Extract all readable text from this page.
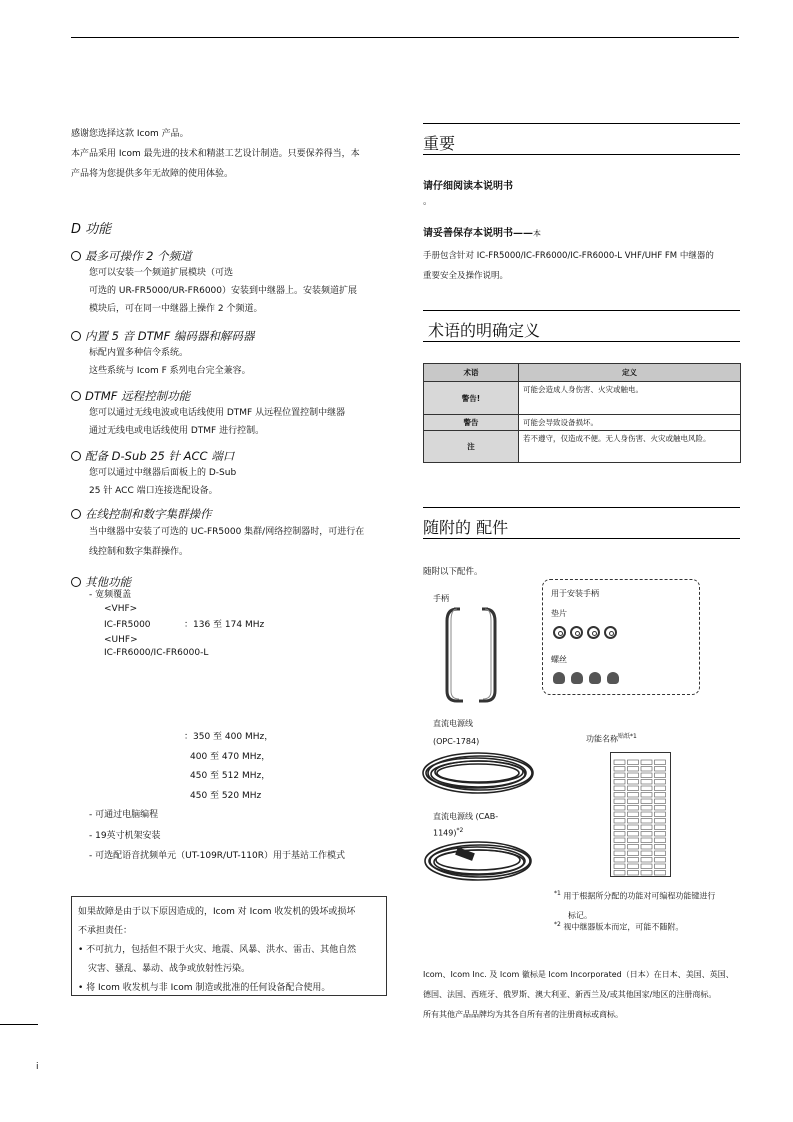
感谢您选择这款 Icom 产品。
本产品采用 Icom 最先进的技术和精湛工艺设计制造。只要保养得当，本
产品将为您提供多年无故障的使用体验。
D 功能
最多可操作 2 个频道
您可以安装一个频道扩展模块（可选
可选的 UR-FR5000/UR-FR6000）安装到中继器上。安装频道扩展
模块后，可在同一中继器上操作 2 个频道。
内置 5 音 DTMF 编码器和解码器
标配内置多种信令系统。
这些系统与 Icom F 系列电台完全兼容。
DTMF 远程控制功能
您可以通过无线电波或电话线使用 DTMF 从远程位置控制中继器
通过无线电或电话线使用 DTMF 进行控制。
配备 D-Sub 25 针 ACC 端口
您可以通过中继器后面板上的 D-Sub
25 针 ACC 端口连接选配设备。
在线控制和数字集群操作
当中继器中安装了可选的 UC-FR5000 集群/网络控制器时，可进行在
线控制和数字集群操作。
其他功能
- 宽频覆盖
<VHF>
IC-FR5000	：136 至 174 MHz
<UHF>
IC-FR6000/IC-FR6000-L
：350 至 400 MHz，
400 至 470 MHz，
450 至 512 MHz，
450 至 520 MHz
- 可通过电脑编程
- 19英寸机架安装
- 可选配语音扰频单元（UT-109R/UT-110R）用于基站工作模式
如果故障是由于以下原因造成的，Icom 对 Icom 收发机的毁坏或损坏
不承担责任：
• 不可抗力，包括但不限于火灾、地震、风暴、洪水、雷击、其他自然
灾害、骚乱、暴动、战争或放射性污染。
• 将 Icom 收发机与非 Icom 制造或批准的任何设备配合使用。
i
重要
请仔细阅读本说明书
。
请妥善保存本说明书——本
手册包含针对 IC-FR5000/IC-FR6000/IC-FR6000-L VHF/UHF FM 中继器的
重要安全及操作说明。
术语的明确定义
术语	定义
警告!	可能会造成人身伤害、火灾或触电。
警告	可能会导致设备损坏。
注	若不遵守，仅造成不便。无人身伤害、火灾或触电风险。
随附的 配件
随附以下配件。
手柄
用于安装手柄
垫片
螺丝
直流电源线
(OPC-1784)	功能名称$^{贴纸*1}$
直流电源线 (CAB-
1149)$^{*2}$
$^{*1}$ 用于根据所分配的功能对可编程功能键进行
标记。
$^{*2}$ 视中继器版本而定，可能不随附。
Icom、Icom Inc. 及 Icom 徽标是 Icom Incorporated（日本）在日本、美国、英国、
德国、法国、西班牙、俄罗斯、澳大利亚、新西兰及/或其他国家/地区的注册商标。
所有其他产品品牌均为其各自所有者的注册商标或商标。
